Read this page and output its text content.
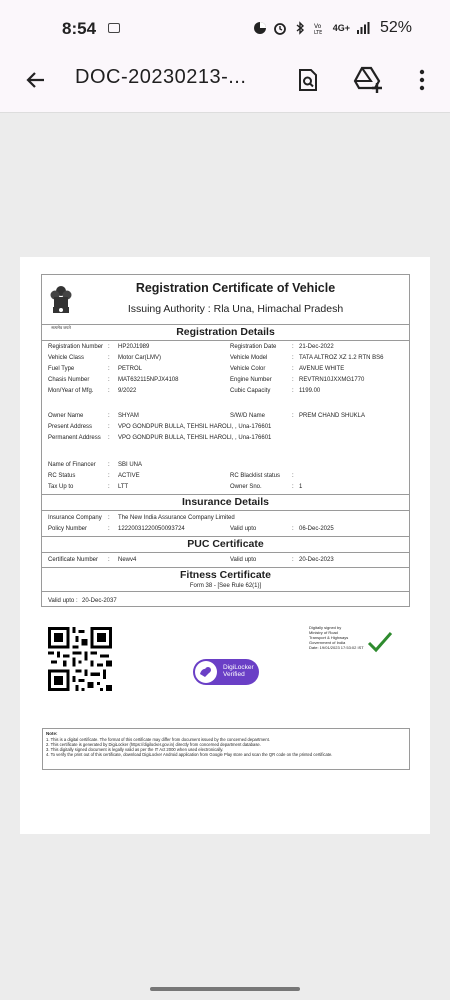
8:54	Vo
LTE 4G+ 52%
DOC-20230213-...
सत्यमेव जयते
Registration Certificate of Vehicle
Issuing Authority : Rla Una, Himachal Pradesh
Registration Details
Registration Number : HP20J1989	Registration Date	: 21-Dec-2022
Vehicle Class	: Motor Car(LMV)	Vehicle Model	: TATA ALTROZ XZ 1.2 RTN BS6
Fuel Type	: PETROL	Vehicle Color	: AVENUE WHITE
Chasis Number	: MAT632115NPJX4108	Engine Number	: REVTRN10JXXMG1770
Mon/Year of Mfg. : 9/2022	Cubic Capacity	: 1199.00
Owner Name	: SHYAM	S/W/D Name	: PREM CHAND SHUKLA
Present Address	: VPO GONDPUR BULLA, TEHSIL HAROLI, , Una-176601
Permanent Address : VPO GONDPUR BULLA, TEHSIL HAROLI, , Una-176601
Name of Financer : SBI UNA
RC Status	: ACTIVE	RC Blacklist status :
Tax Up to	: LTT	Owner Sno.	: 1
Insurance Details
Insurance Company : The New India Assurance Company Limited
Policy Number	: 12220031220050093724	Valid upto	: 06-Dec-2025
PUC Certificate
Certificate Number : Newv4	Valid upto	: 20-Dec-2023
Fitness Certificate
Form 38 - [See Rule 62(1)]
Valid upto : 20-Dec-2037
DigiLocker
Verified
Digitally signed by
Ministry of Road
Transport & Highways
Government of India
Date: 19/01/2023 17:53:02 IST
Note:
1. This is a digital certificate. The format of this certificate may differ from document issued by the concerned department.
2. This certificate is generated by DigiLocker (https://digilocker.gov.in) directly from concerned department database.
3. This digitally signed document is legally valid as per the IT Act 2000 when used electronically.
4. To verify the print out of this certificate, download DigiLocker Android application from Google Play store and scan the QR code on the printed certificate.
